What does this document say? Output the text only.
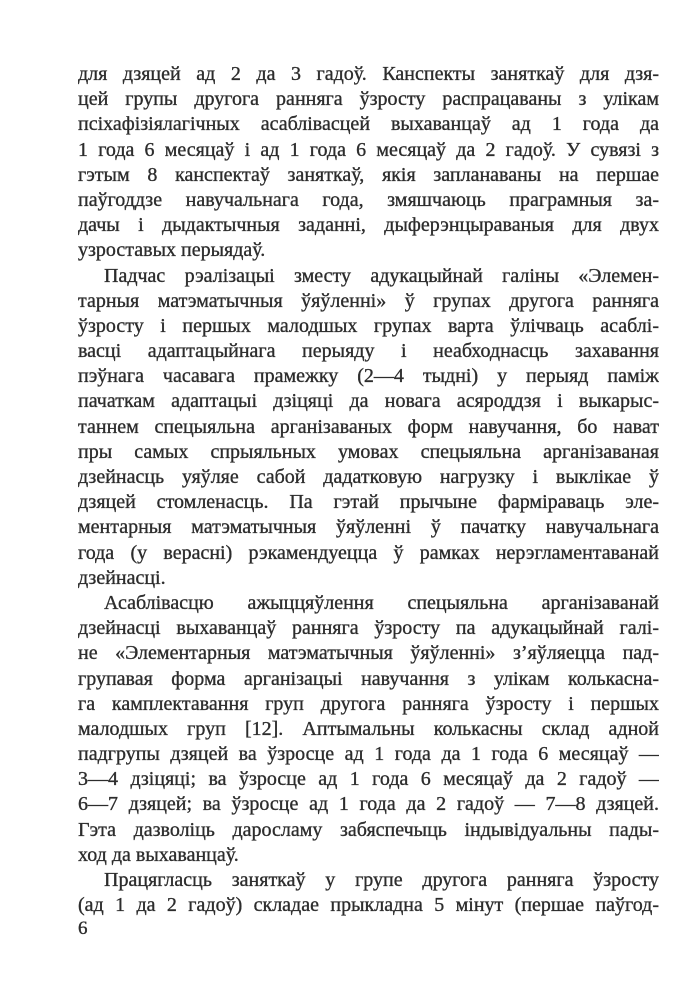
для дзяцей ад 2 да 3 гадоў. Канспекты заняткаў для дзя-
цей групы другога ранняга ўзросту распрацаваны з улікам
псіхафізіялагічных асаблівасцей выхаванцаў ад 1 года да
1 года 6 месяцаў і ад 1 года 6 месяцаў да 2 гадоў. У сувязі з
гэтым 8 канспектаў заняткаў, якія запланаваны на першае
паўгоддзе навучальнага года, змяшчаюць праграмныя за-
дачы і дыдактычныя заданні, дыферэнцыраваныя для двух
узроставых перыядаў.

Падчас рэалізацыі зместу адукацыйнай галіны «Элемен-
тарныя матэматычныя ўяўленні» ў групах другога ранняга
ўзросту і першых малодшых групах варта ўлічваць асаблі-
васці адаптацыйнага перыяду і неабходнасць захавання
пэўнага часавага прамежку (2—4 тыдні) у перыяд паміж
пачаткам адаптацыі дзіцяці да новага асяроддзя і выкарыс-
таннем спецыяльна арганізаваных форм навучання, бо нават
пры самых спрыяльных умовах спецыяльна арганізаваная
дзейнасць уяўляе сабой дадатковую нагрузку і выклікае ў
дзяцей стомленасць. Па гэтай прычыне фарміраваць эле-
ментарныя матэматычныя ўяўленні ў пачатку навучальнага
года (у верасні) рэкамендуецца ў рамках нерэгламентаванай
дзейнасці.

Асаблівасцю ажыццяўлення спецыяльна арганізаванай
дзейнасці выхаванцаў ранняга ўзросту па адукацыйнай галі-
не «Элементарныя матэматычныя ўяўленні» з’яўляецца пад-
групавая форма арганізацыі навучання з улікам колькасна-
га камплектавання груп другога ранняга ўзросту і першых
малодшых груп [12]. Аптымальны колькасны склад адной
падгрупы дзяцей ва ўзросце ад 1 года да 1 года 6 месяцаў —
3—4 дзіцяці; ва ўзросце ад 1 года 6 месяцаў да 2 гадоў —
6—7 дзяцей; ва ўзросце ад 1 года да 2 гадоў — 7—8 дзяцей.
Гэта дазволіць даросламу забяспечыць індывідуальны пады-
ход да выхаванцаў.

Працягласць заняткаў у групе другога ранняга ўзросту
(ад 1 да 2 гадоў) складае прыкладна 5 мінут (першае паўгод-

6
